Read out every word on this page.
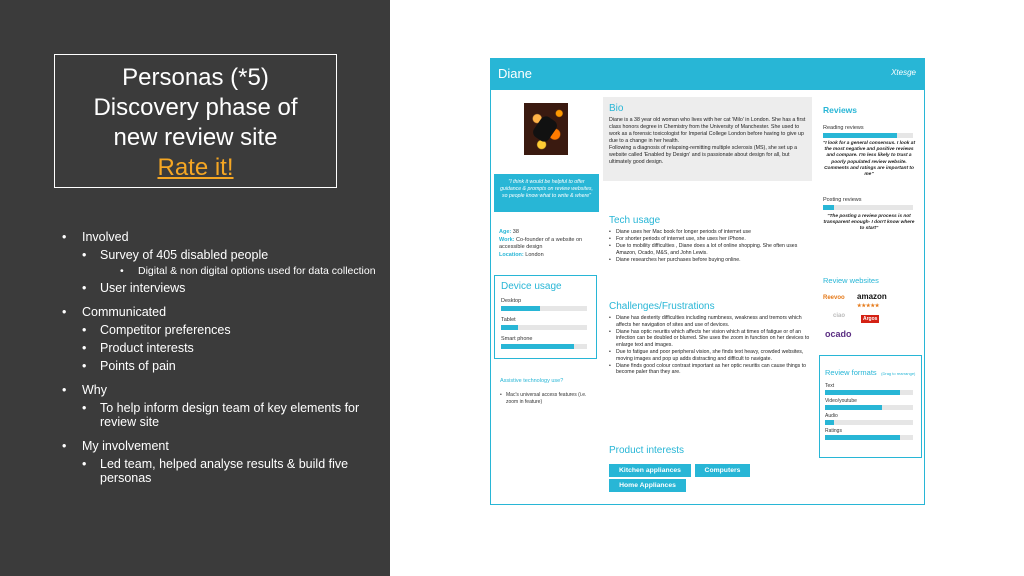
Personas (*5)
Discovery phase of
new review site
Rate it!
• Involved
• Survey of 405 disabled people
• Digital & non digital options used for data collection
• User interviews
• Communicated
• Competitor preferences
• Product interests
• Points of pain
• Why
• To help inform design team of key elements for review site
• My involvement
• Led team, helped analyse results & build five personas
Diane	Xtesge
"I think it would be helpful to offer guidance & prompts on review websites, so people know what to write & where"
Age: 38
Work: Co-founder of a website on accessible design
Location: London
Device usage
Desktop
Tablet
Smart phone
Assistive technology use?
• Mac's universal access features (i.e. zoom in feature)
Bio
Diane is a 38 year old woman who lives with her cat 'Milo' in London. She has a first class honors degree in Chemistry from the University of Manchester. She used to work as a forensic toxicologist for Imperial College London before having to give up due to a change in her health.
Following a diagnosis of relapsing-remitting multiple sclerosis (MS), she set up a website called 'Enabled by Design' and is passionate about design for all, but ultimately good design.
Tech usage
• Diane uses her Mac book for longer periods of internet use
• For shorter periods of internet use, she uses her iPhone.
• Due to mobility difficulties , Diane does a lot of online shopping. She often uses Amazon, Ocado, M&S, and John Lewis.
• Diane researches her purchases before buying online.
Challenges/Frustrations
• Diane has dexterity difficulties including numbness, weakness and tremors which affects her navigation of sites and use of devices.
• Diane has optic neuritis which affects her vision which at times of fatigue or of an infection can be doubled or blurred. She uses the zoom in function on her devices to enlarge text and images.
• Due to fatigue and poor peripheral vision, she finds text heavy, crowded websites, moving images and pop up adds distracting and difficult to navigate.
• Diane finds good colour contrast important as her optic neuritis can cause things to become paler than they are.
Product interests
Kitchen appliances	Computers
Home Appliances
Reviews
Reading reviews
"I look for a general consensus. I look at the most negative and positive reviews and compare. I'm less likely to trust a poorly populated review website. Comments and ratings are important to me"
Posting reviews
"The posting a review process is not transparent enough- I don't know where to start"
Review websites
Reevoo amazon
★★★★★
ciao	Argos
ocado
Review formats (Drag to rearrange)
Text
Video/youtube
Audio
Ratings
